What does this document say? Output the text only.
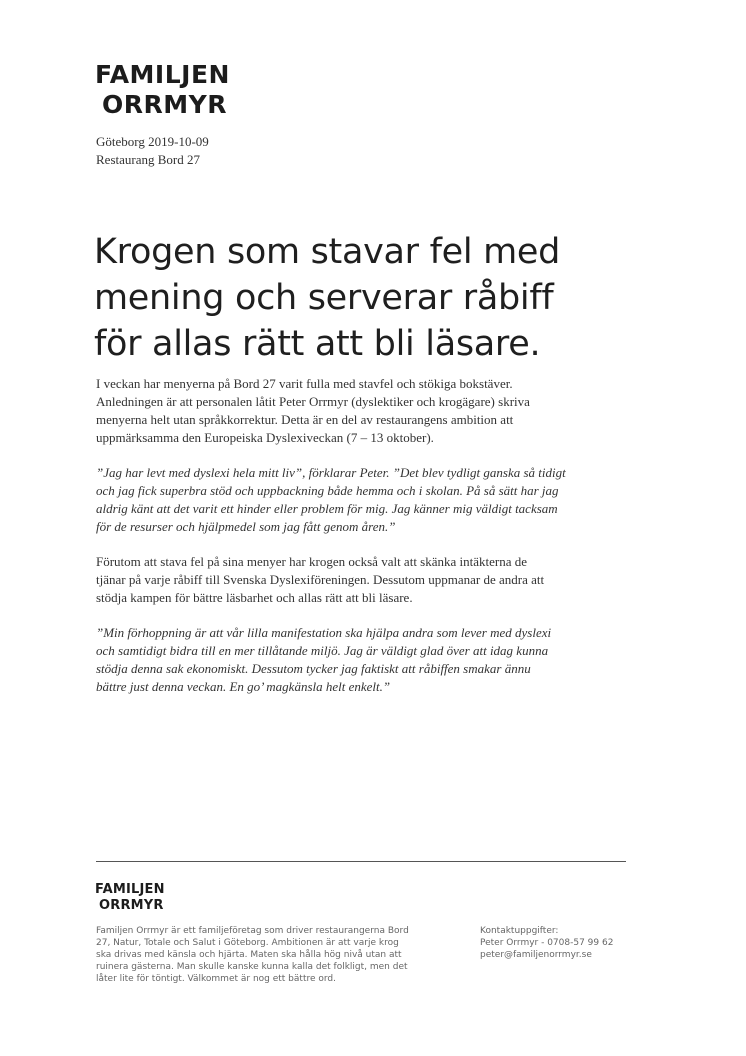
FAMILJEN
ORRMYR
Göteborg 2019-10-09
Restaurang Bord 27
Krogen som stavar fel med
mening och serverar råbiff
för allas rätt att bli läsare.

I veckan har menyerna på Bord 27 varit fulla med stavfel och stökiga bokstäver.
Anledningen är att personalen låtit Peter Orrmyr (dyslektiker och krogägare) skriva
menyerna helt utan språkkorrektur. Detta är en del av restaurangens ambition att
uppmärksamma den Europeiska Dyslexiveckan (7 – 13 oktober).

”Jag har levt med dyslexi hela mitt liv”, förklarar Peter. ”Det blev tydligt ganska så tidigt
och jag fick superbra stöd och uppbackning både hemma och i skolan. På så sätt har jag
aldrig känt att det varit ett hinder eller problem för mig. Jag känner mig väldigt tacksam
för de resurser och hjälpmedel som jag fått genom åren.”

Förutom att stava fel på sina menyer har krogen också valt att skänka intäkterna de
tjänar på varje råbiff till Svenska Dyslexiföreningen. Dessutom uppmanar de andra att
stödja kampen för bättre läsbarhet och allas rätt att bli läsare.

”Min förhoppning är att vår lilla manifestation ska hjälpa andra som lever med dyslexi
och samtidigt bidra till en mer tillåtande miljö. Jag är väldigt glad över att idag kunna
stödja denna sak ekonomiskt. Dessutom tycker jag faktiskt att råbiffen smakar ännu
bättre just denna veckan. En go’ magkänsla helt enkelt.”

FAMILJEN
ORRMYR
Familjen Orrmyr är ett familjeföretag som driver restaurangerna Bord
27, Natur, Totale och Salut i Göteborg. Ambitionen är att varje krog
ska drivas med känsla och hjärta. Maten ska hålla hög nivå utan att
ruinera gästerna. Man skulle kanske kunna kalla det folkligt, men det
låter lite för töntigt. Välkommet är nog ett bättre ord.
Kontaktuppgifter:
Peter Orrmyr - 0708-57 99 62
peter@familjenorrmyr.se
